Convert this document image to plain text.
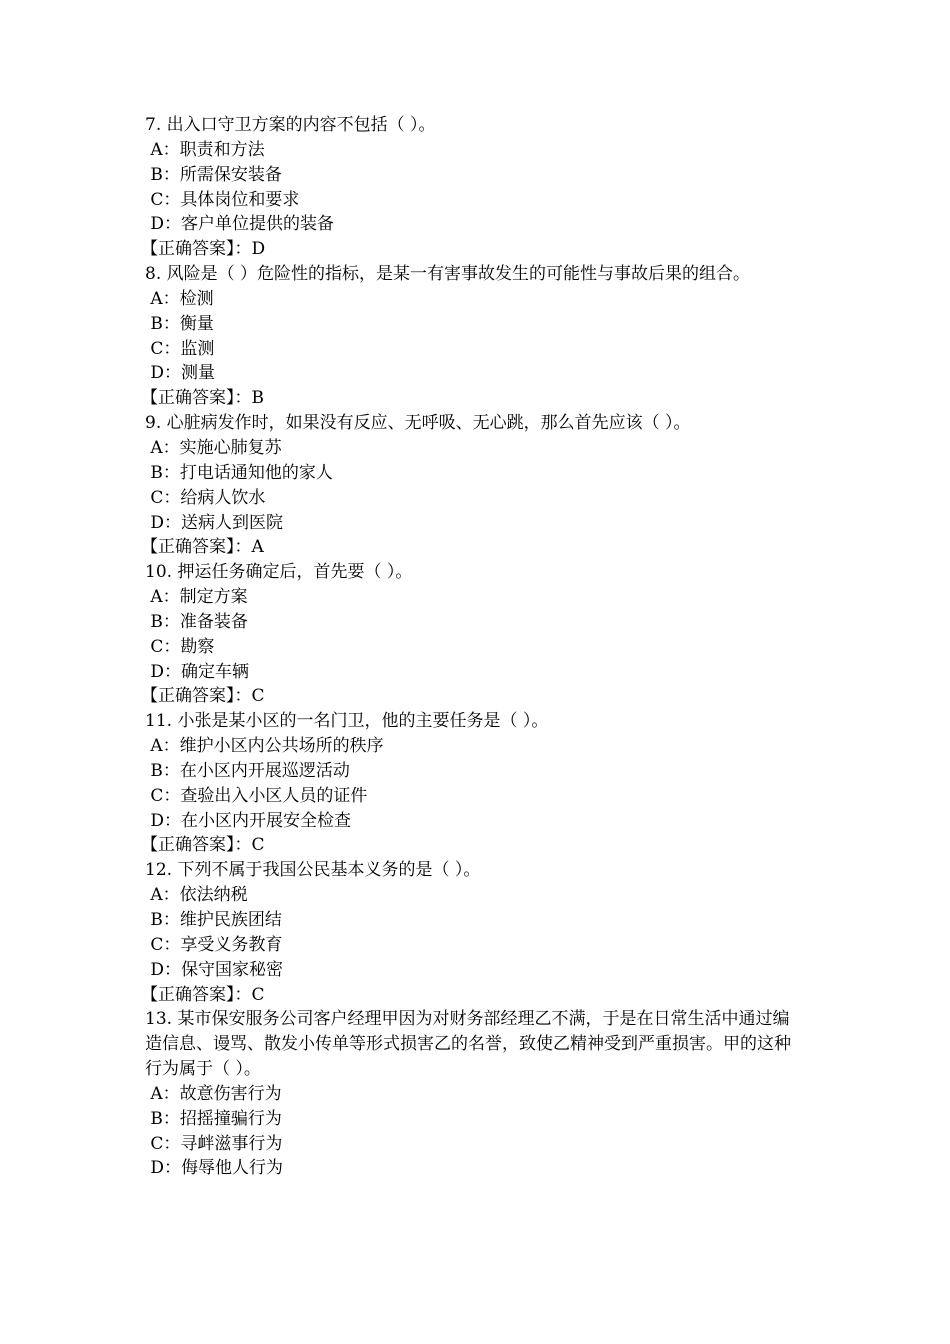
7. 出入口守卫方案的内容不包括（ ）。
A：职责和方法
B：所需保安装备
C：具体岗位和要求
D：客户单位提供的装备
【正确答案】：D
8. 风险是（ ）危险性的指标，是某一有害事故发生的可能性与事故后果的组合。
A：检测
B：衡量
C：监测
D：测量
【正确答案】：B
9. 心脏病发作时，如果没有反应、无呼吸、无心跳，那么首先应该（ ）。
A：实施心肺复苏
B：打电话通知他的家人
C：给病人饮水
D：送病人到医院
【正确答案】：A
10. 押运任务确定后，首先要（ ）。
A：制定方案
B：准备装备
C：勘察
D：确定车辆
【正确答案】：C
11. 小张是某小区的一名门卫，他的主要任务是（ ）。
A：维护小区内公共场所的秩序
B：在小区内开展巡逻活动
C：查验出入小区人员的证件
D：在小区内开展安全检查
【正确答案】：C
12. 下列不属于我国公民基本义务的是（ ）。
A：依法纳税
B：维护民族团结
C：享受义务教育
D：保守国家秘密
【正确答案】：C
13. 某市保安服务公司客户经理甲因为对财务部经理乙不满，于是在日常生活中通过编造信息、谩骂、散发小传单等形式损害乙的名誉，致使乙精神受到严重损害。甲的这种行为属于（ ）。
A：故意伤害行为
B：招摇撞骗行为
C：寻衅滋事行为
D：侮辱他人行为
